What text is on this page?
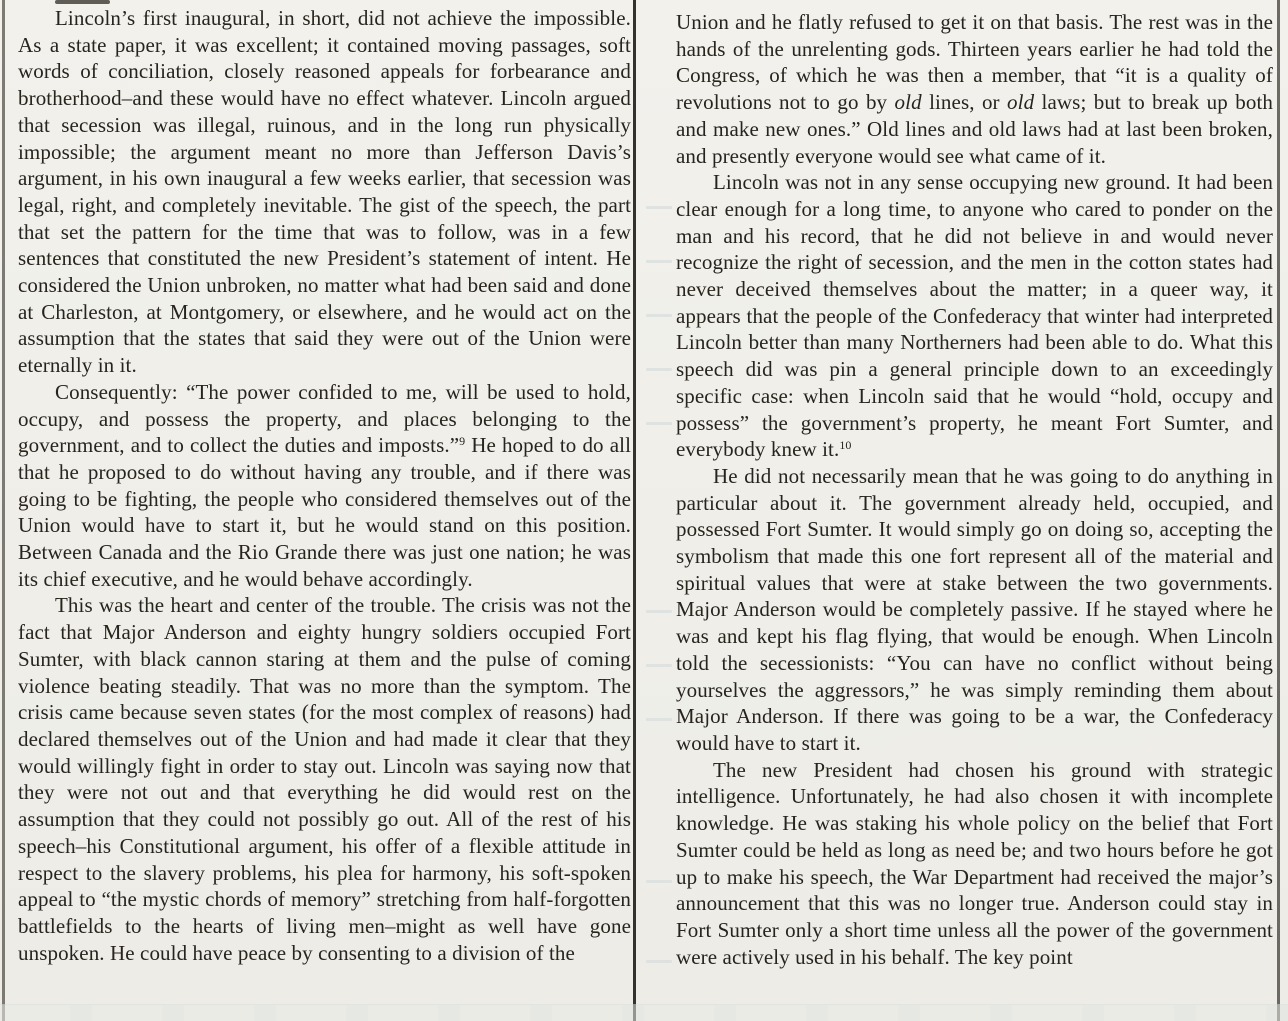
Lincoln’s first inaugural, in short, did not achieve the impossible. As a state paper, it was excellent; it contained moving passages, soft words of conciliation, closely reasoned appeals for forbearance and brotherhood–and these would have no effect whatever. Lincoln argued that secession was illegal, ruinous, and in the long run physically impossible; the argument meant no more than Jefferson Davis’s argument, in his own inaugural a few weeks earlier, that secession was legal, right, and completely inevitable. The gist of the speech, the part that set the pattern for the time that was to follow, was in a few sentences that constituted the new President’s statement of intent. He considered the Union unbroken, no matter what had been said and done at Charleston, at Montgomery, or elsewhere, and he would act on the assumption that the states that said they were out of the Union were eternally in it.

Consequently: “The power confided to me, will be used to hold, occupy, and possess the property, and places belonging to the government, and to collect the duties and imposts.”$^9$ He hoped to do all that he proposed to do without having any trouble, and if there was going to be fighting, the people who considered themselves out of the Union would have to start it, but he would stand on this position. Between Canada and the Rio Grande there was just one nation; he was its chief executive, and he would behave accordingly.

This was the heart and center of the trouble. The crisis was not the fact that Major Anderson and eighty hungry soldiers occupied Fort Sumter, with black cannon staring at them and the pulse of coming violence beating steadily. That was no more than the symptom. The crisis came because seven states (for the most complex of reasons) had declared themselves out of the Union and had made it clear that they would willingly fight in order to stay out. Lincoln was saying now that they were not out and that everything he did would rest on the assumption that they could not possibly go out. All of the rest of his speech–his Constitutional argument, his offer of a flexible attitude in respect to the slavery problems, his plea for harmony, his soft-spoken appeal to “the mystic chords of memory” stretching from half-forgotten battlefields to the hearts of living men–might as well have gone unspoken. He could have peace by consenting to a division of the

Union and he flatly refused to get it on that basis. The rest was in the hands of the unrelenting gods. Thirteen years earlier he had told the Congress, of which he was then a member, that “it is a quality of revolutions not to go by old lines, or old laws; but to break up both and make new ones.” Old lines and old laws had at last been broken, and presently everyone would see what came of it.

Lincoln was not in any sense occupying new ground. It had been clear enough for a long time, to anyone who cared to ponder on the man and his record, that he did not believe in and would never recognize the right of secession, and the men in the cotton states had never deceived themselves about the matter; in a queer way, it appears that the people of the Confederacy that winter had interpreted Lincoln better than many Northerners had been able to do. What this speech did was pin a general principle down to an exceedingly specific case: when Lincoln said that he would “hold, occupy and possess” the government’s property, he meant Fort Sumter, and everybody knew it.$^{10}$

He did not necessarily mean that he was going to do anything in particular about it. The government already held, occupied, and possessed Fort Sumter. It would simply go on doing so, accepting the symbolism that made this one fort represent all of the material and spiritual values that were at stake between the two governments. Major Anderson would be completely passive. If he stayed where he was and kept his flag flying, that would be enough. When Lincoln told the secessionists: “You can have no conflict without being yourselves the aggressors,” he was simply reminding them about Major Anderson. If there was going to be a war, the Confederacy would have to start it.

The new President had chosen his ground with strategic intelligence. Unfortunately, he had also chosen it with incomplete knowledge. He was staking his whole policy on the belief that Fort Sumter could be held as long as need be; and two hours before he got up to make his speech, the War Department had received the major’s announcement that this was no longer true. Anderson could stay in Fort Sumter only a short time unless all the power of the government were actively used in his behalf. The key point
